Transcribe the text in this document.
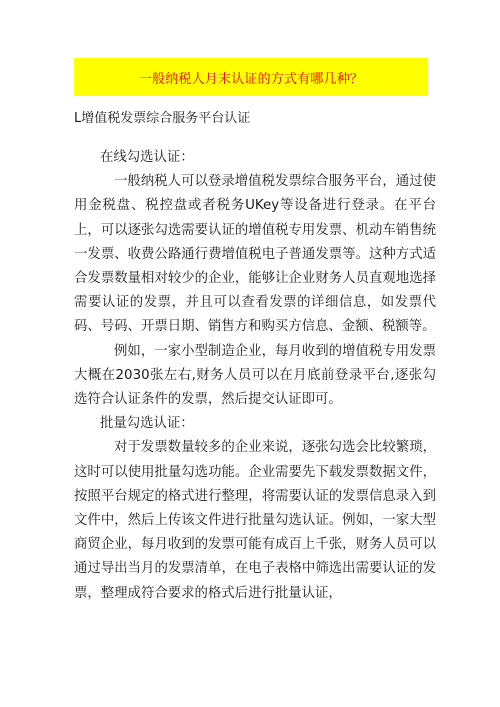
一般纳税人月末认证的方式有哪几种？
L增值税发票综合服务平台认证

在线勾选认证：

一般纳税人可以登录增值税发票综合服务平台，通过使用金税盘、税控盘或者税务UKey等设备进行登录。在平台上，可以逐张勾选需要认证的增值税专用发票、机动车销售统一发票、收费公路通行费增值税电子普通发票等。这种方式适合发票数量相对较少的企业，能够让企业财务人员直观地选择需要认证的发票，并且可以查看发票的详细信息，如发票代码、号码、开票日期、销售方和购买方信息、金额、税额等。

例如，一家小型制造企业，每月收到的增值税专用发票大概在2030张左右,财务人员可以在月底前登录平台,逐张勾选符合认证条件的发票，然后提交认证即可。

批量勾选认证：

对于发票数量较多的企业来说，逐张勾选会比较繁琐，这时可以使用批量勾选功能。企业需要先下载发票数据文件，按照平台规定的格式进行整理，将需要认证的发票信息录入到文件中，然后上传该文件进行批量勾选认证。例如，一家大型商贸企业，每月收到的发票可能有成百上千张，财务人员可以通过导出当月的发票清单，在电子表格中筛选出需要认证的发票，整理成符合要求的格式后进行批量认证，
